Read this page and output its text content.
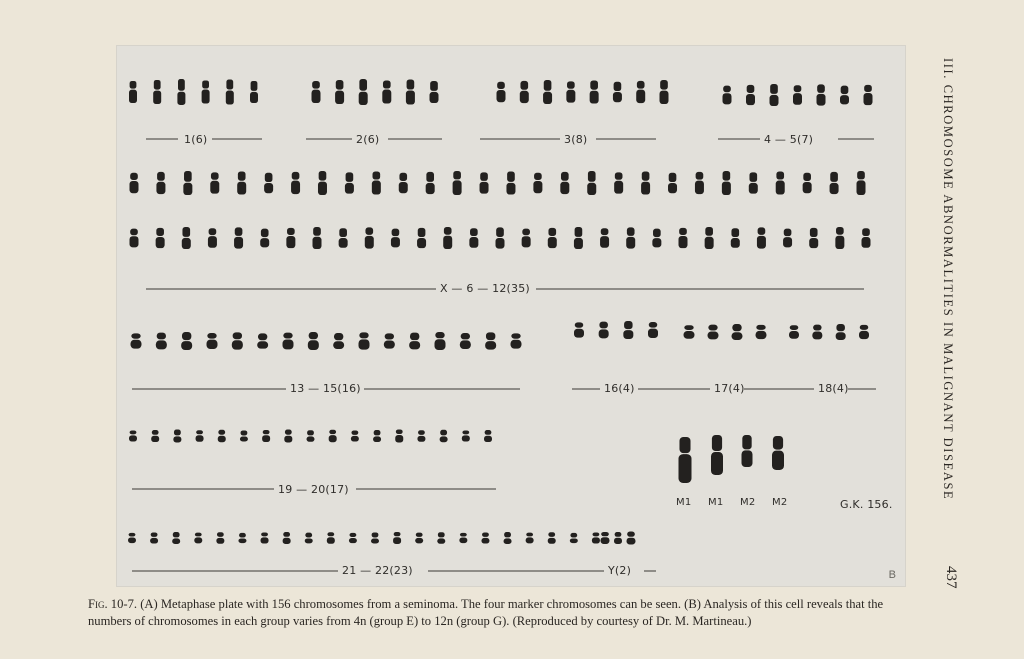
1(6)	2(6)	3(8)	4 — 5(7)
X — 6 — 12(35)
13 — 15(16)	16(4)	17(4)	18(4)
19 — 20(17)
21 — 22(23)	Y(2)
M1 M1 M2 M2	G.K. 156.
B
III. CHROMOSOME ABNORMALITIES IN MALIGNANT DISEASE
437
Fig. 10-7. (A) Metaphase plate with 156 chromosomes from a seminoma. The four marker chromosomes can be seen. (B) Analysis of this cell reveals that the numbers of chromosomes in each group varies from 4n (group E) to 12n (group G). (Reproduced by courtesy of Dr. M. Martineau.)
